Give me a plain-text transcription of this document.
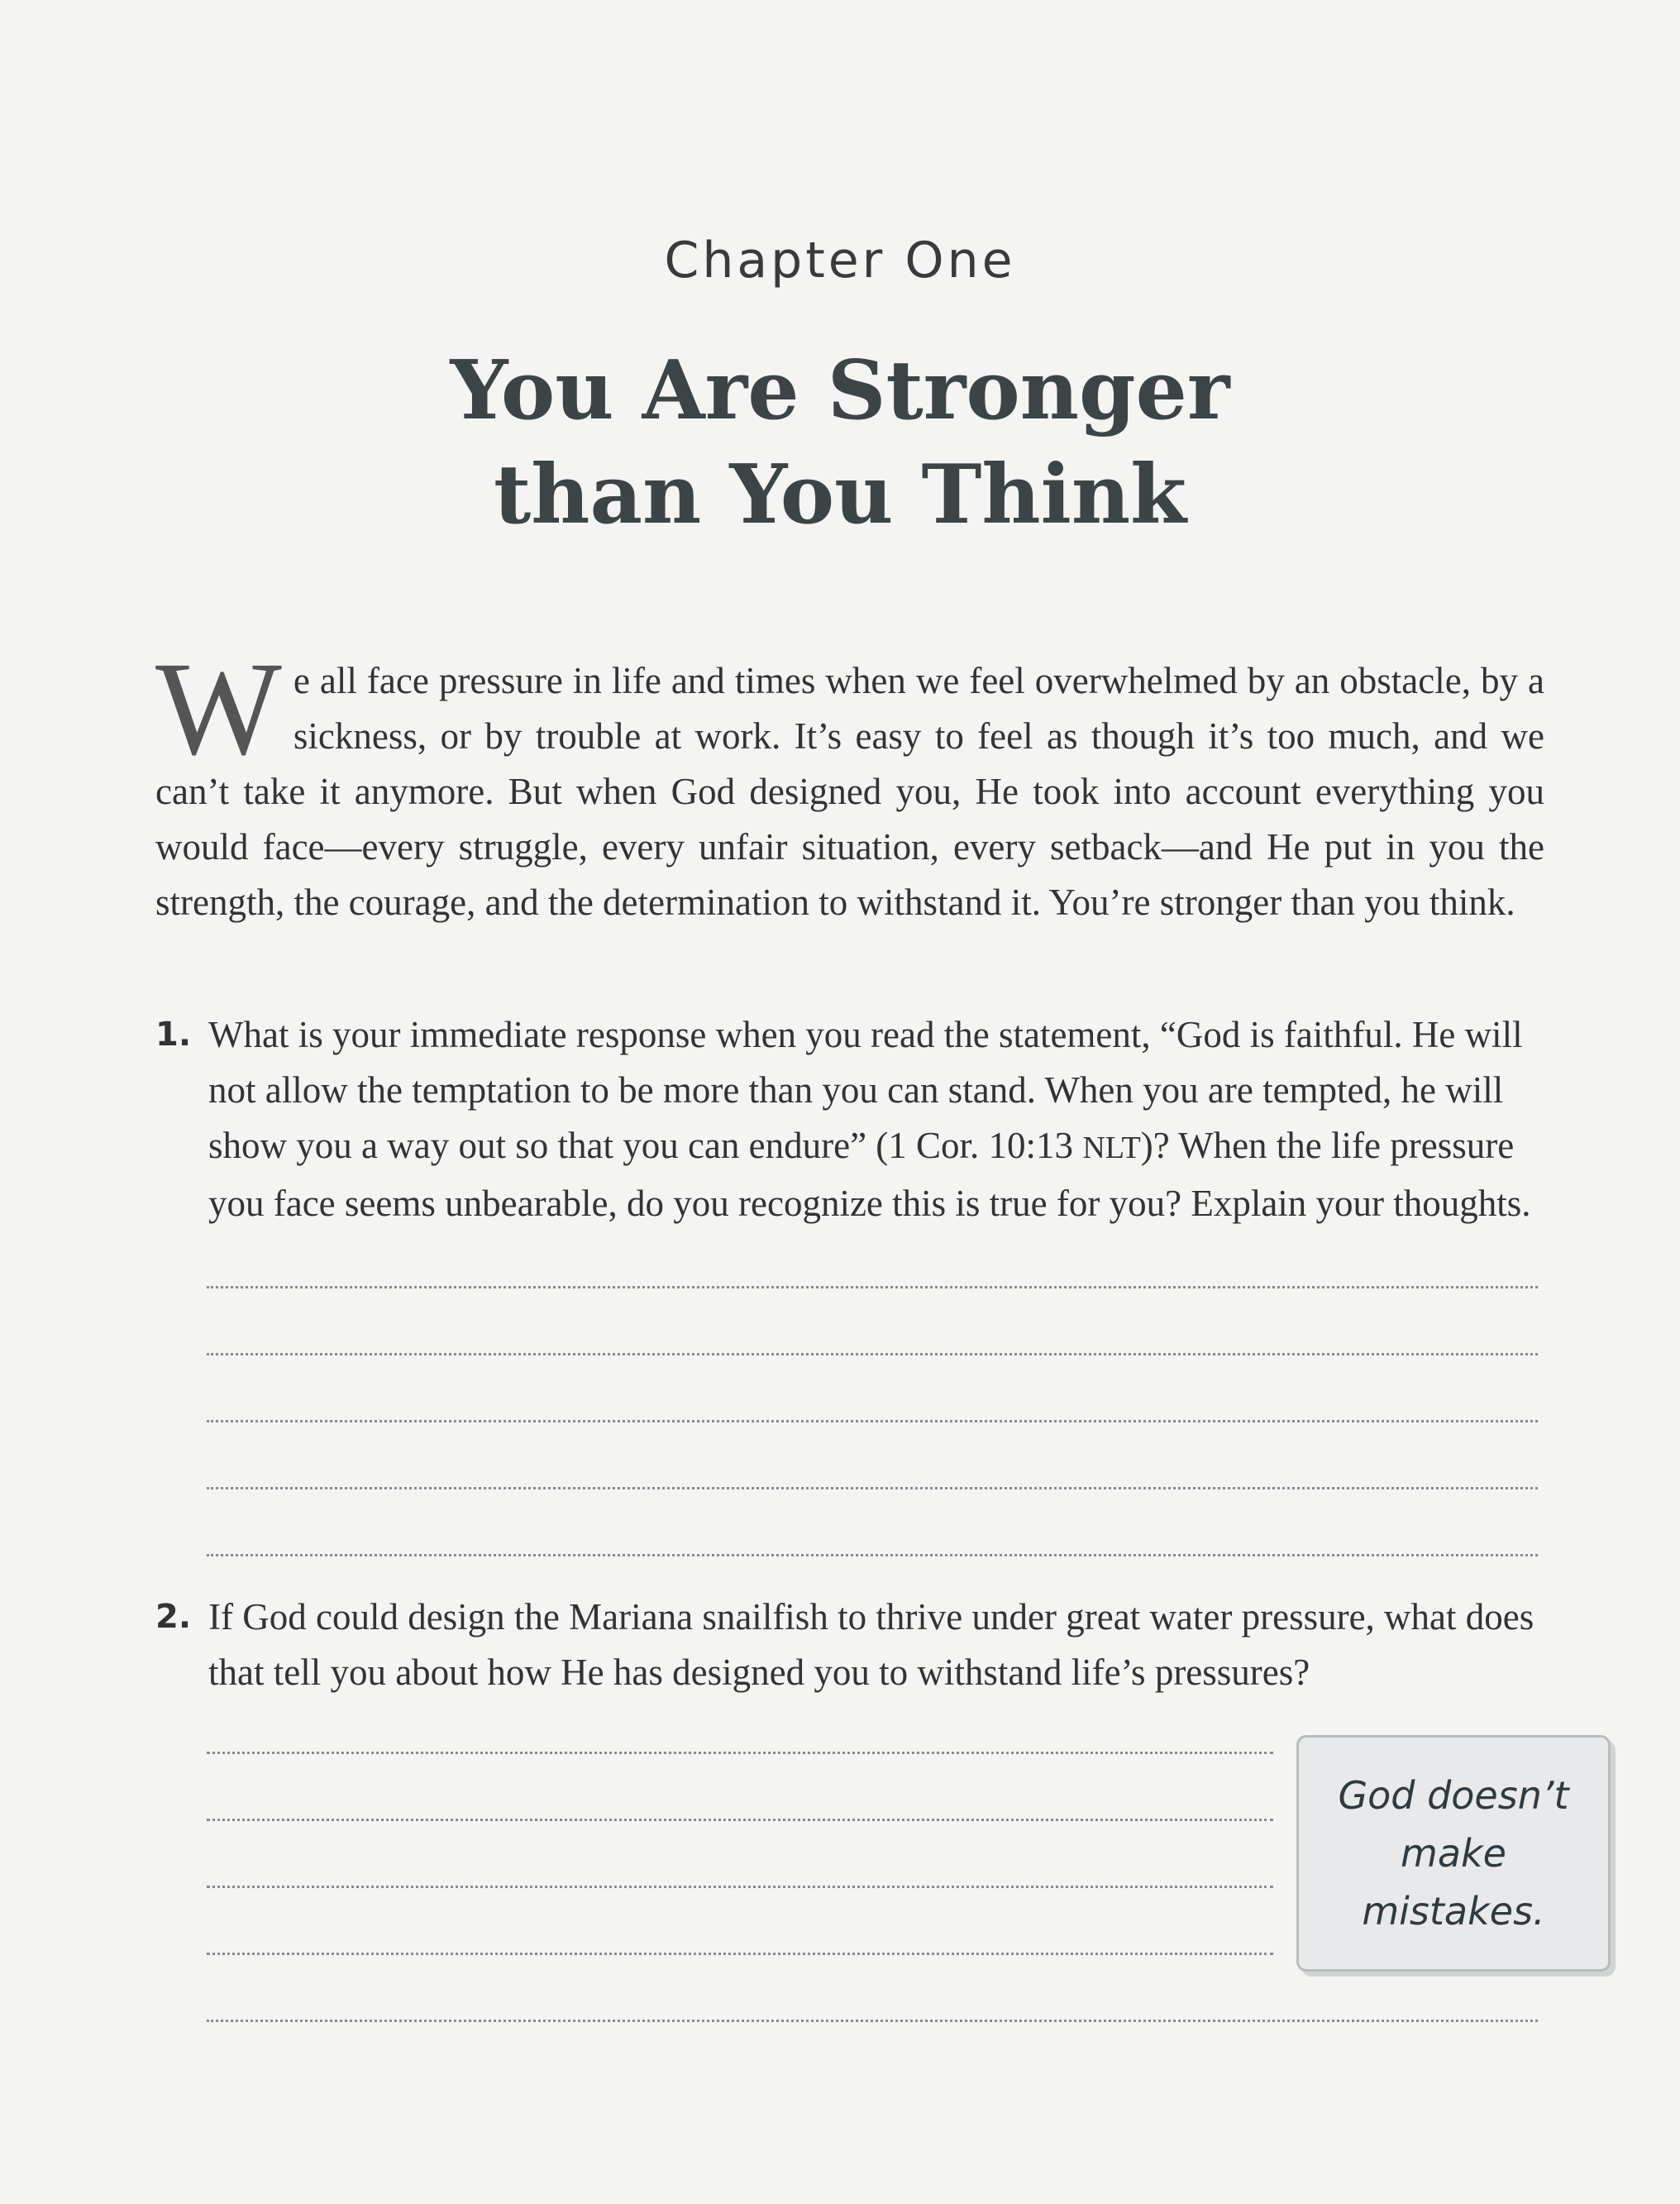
Chapter One
You Are Stronger
than You Think
We all face pressure in life and times when we feel overwhelmed by an obstacle, by a sickness, or by trouble at work. It’s easy to feel as though it’s too much, and we can’t take it anymore. But when God designed you, He took into account everything you would face—every struggle, every unfair situation, every setback—and He put in you the strength, the courage, and the determination to withstand it. You’re stronger than you think.
1. What is your immediate response when you read the statement, “God is faithful. He will not allow the temptation to be more than you can stand. When you are tempted, he will show you a way out so that you can endure” (1 Cor. 10:13 NLT)? When the life pressure you face seems unbearable, do you recognize this is true for you? Explain your thoughts.
2. If God could design the Mariana snailfish to thrive under great water pressure, what does that tell you about how He has designed you to withstand life’s pressures?
God doesn’t make mistakes.
